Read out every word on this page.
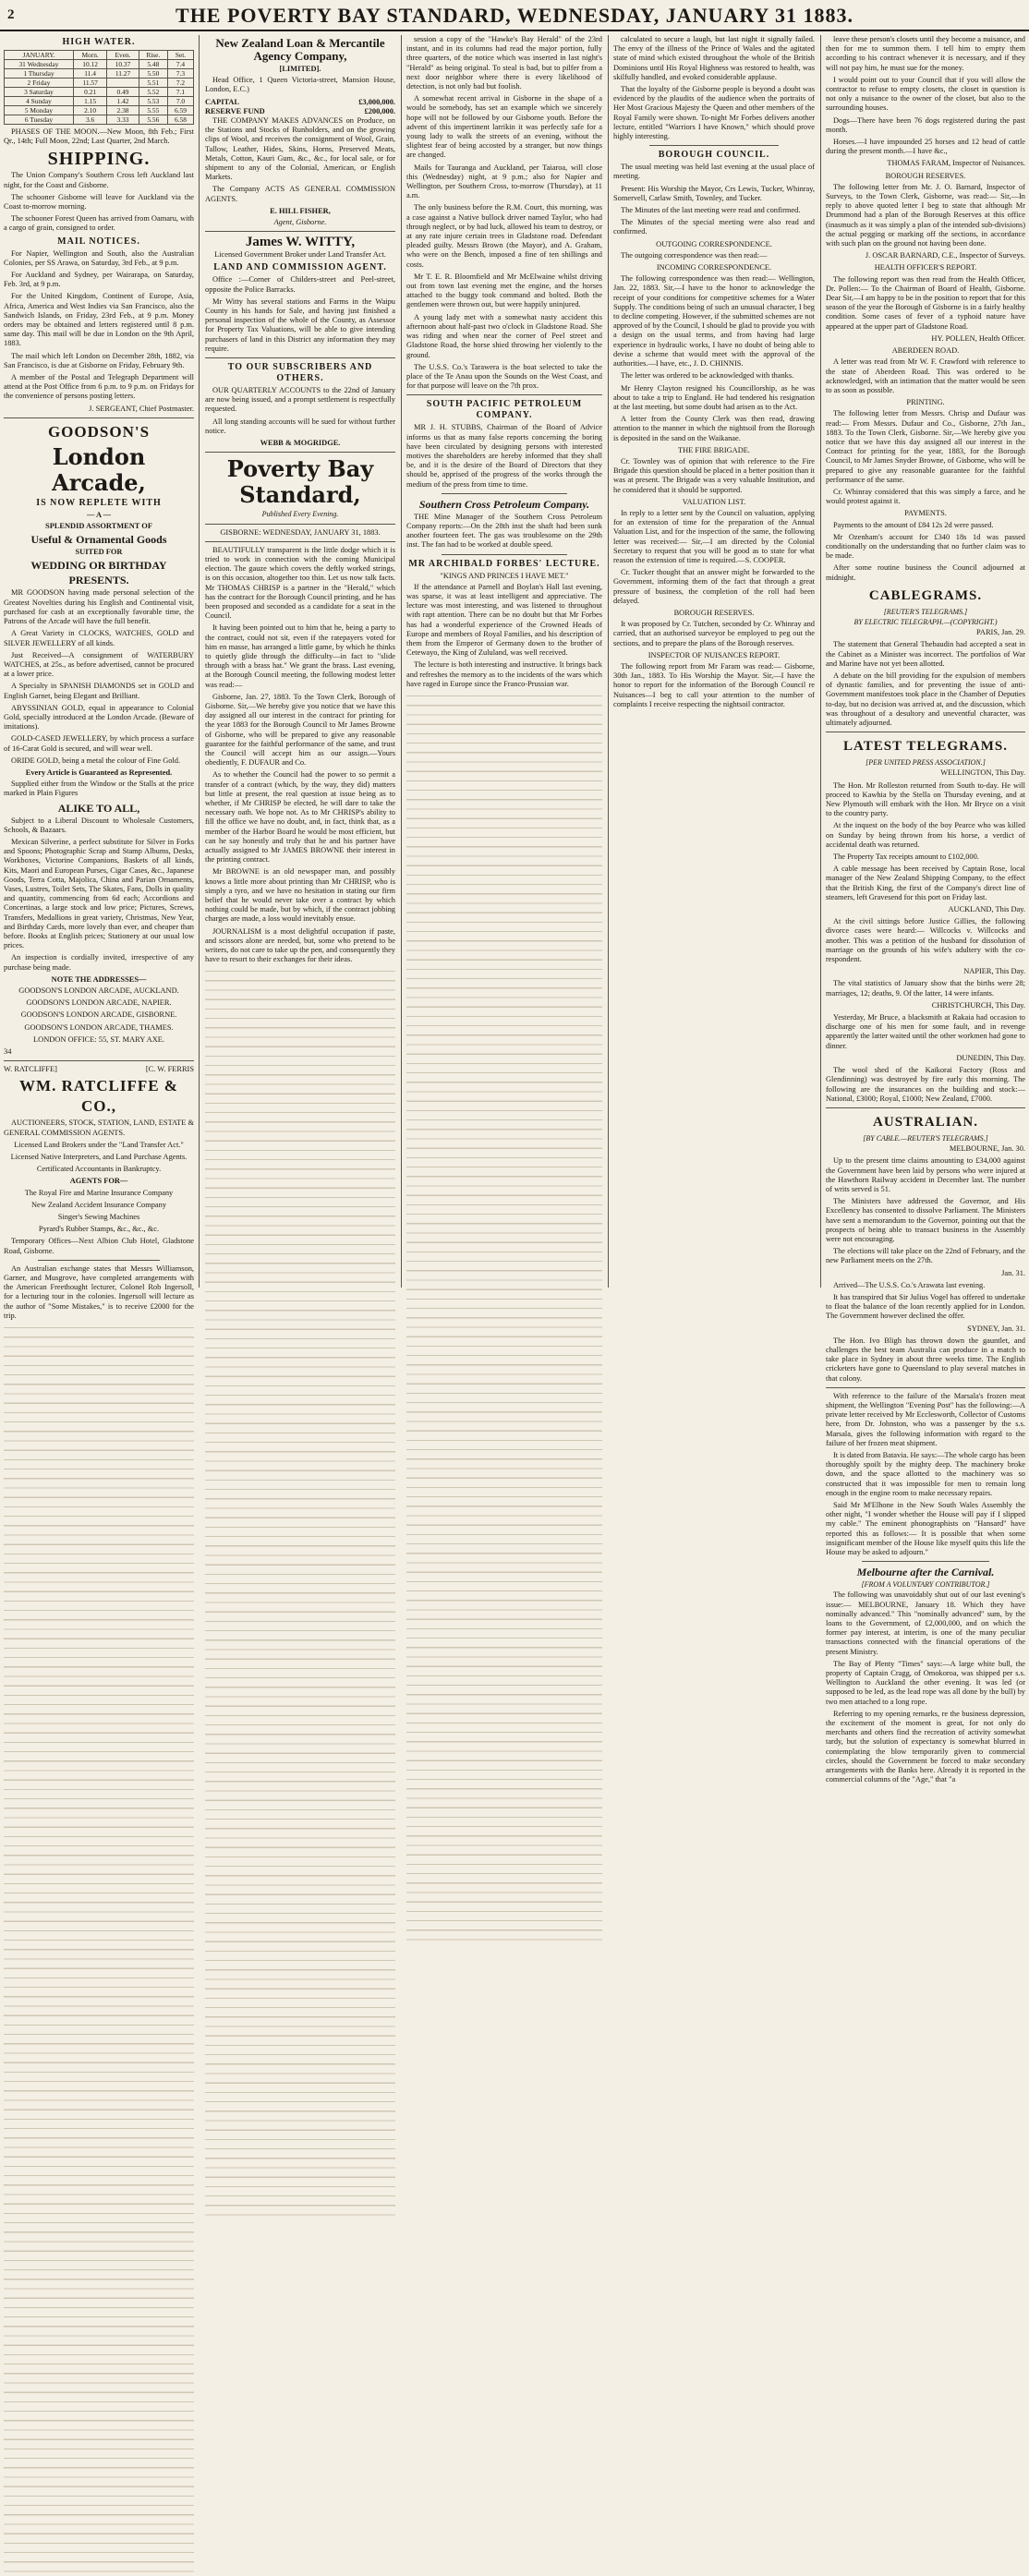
2	THE POVERTY BAY STANDARD, WEDNESDAY, JANUARY 31 1883.
HIGH WATER.
JANUARY.	Morn.	Even.	Rise.	Set.
31 Wednesday	10.12	10.37	5.48	7.4
1 Thursday	11.4	11.27	5.50	7.3
2 Friday	11.57		5.51	7.2
3 Saturday	0.21	0.49	5.52	7.1
4 Sunday	1.15	1.42	5.53	7.0
5 Monday	2.10	2.38	5.55	6.59
6 Tuesday	3.6	3.33	5.56	6.58

PHASES OF THE MOON.—New Moon, 8th Feb.; First Qr., 14th; Full Moon, 22nd; Last Quarter, 2nd March.

SHIPPING.

The Union Company's Southern Cross left Auckland last night, for the Coast and Gisborne.

The schooner Gisborne will leave for Auckland via the Coast to-morrow morning.

The schooner Forest Queen has arrived from Oamaru, with a cargo of grain, consigned to order.

MAIL NOTICES.

For Napier, Wellington and South, also the Australian Colonies, per SS Arawa, on Saturday, 3rd Feb., at 9 p.m.

For Auckland and Sydney, per Wairarapa, on Saturday, Feb. 3rd, at 9 p.m.

For the United Kingdom, Continent of Europe, Asia, Africa, America and West Indies via San Francisco, also the Sandwich Islands, on Friday, 23rd Feb., at 9 p.m. Money orders may be obtained and letters registered until 8 p.m. same day. This mail will be due in London on the 9th April, 1883.

The mail which left London on December 28th, 1882, via San Francisco, is due at Gisborne on Friday, February 9th.

A member of the Postal and Telegraph Department will attend at the Post Office from 6 p.m. to 9 p.m. on Fridays for the convenience of persons posting letters.

J. SERGEANT, Chief Postmaster.

GOODSON'S
London Arcade,
IS NOW REPLETE WITH
— A —
SPLENDID ASSORTMENT OF
Useful & Ornamental Goods
SUITED FOR
WEDDING OR BIRTHDAY
PRESENTS.

MR GOODSON having made personal selection of the Greatest Novelties during his English and Continental visit, purchased for cash at an exceptionally favorable time, the Patrons of the Arcade will have the full benefit.

A Great Variety in CLOCKS, WATCHES, GOLD and SILVER JEWELLERY of all kinds.

Just Received—A consignment of WATERBURY WATCHES, at 25s., as before advertised, cannot be procured at a lower price.

A Specialty in SPANISH DIAMONDS set in GOLD and English Garnet, being Elegant and Brilliant.

ABYSSINIAN GOLD, equal in appearance to Colonial Gold, specially introduced at the London Arcade. (Beware of imitations).

GOLD-CASED JEWELLERY, by which process a surface of 16-Carat Gold is secured, and will wear well.

ORIDE GOLD, being a metal the colour of Fine Gold.

Every Article is Guaranteed as Represented.

Supplied either from the Window or the Stalls at the price marked in Plain Figures

ALIKE TO ALL,

Subject to a Liberal Discount to Wholesale Customers, Schools, & Bazaars.

Mexican Silverine, a perfect substitute for Silver in Forks and Spoons; Photographic Scrap and Stamp Albums, Desks, Workboxes, Victorine Companions, Baskets of all kinds, Kits, Maori and European Purses, Cigar Cases, &c., Japanese Goods, Terra Cotta, Majolica, China and Parian Ornaments, Vases, Lustres, Toilet Sets, The Skates, Fans, Dolls in quality and quantity, commencing from 6d each; Accordions and Concertinas, a large stock and low price; Pictures, Screws, Transfers, Medallions in great variety, Christmas, New Year, and Birthday Cards, more lovely than ever, and cheaper than before. Books at English prices; Stationery at our usual low prices.

An inspection is cordially invited, irrespective of any purchase being made.

NOTE THE ADDRESSES—

GOODSON'S LONDON ARCADE, AUCKLAND.

GOODSON'S LONDON ARCADE, NAPIER.

GOODSON'S LONDON ARCADE, GISBORNE.

GOODSON'S LONDON ARCADE, THAMES.

LONDON OFFICE: 55, ST. MARY AXE.

34

W. RATCLIFFE]	[C. W. FERRIS
WM. RATCLIFFE & CO.,

AUCTIONEERS, STOCK, STATION, LAND, ESTATE & GENERAL COMMISSION AGENTS.

Licensed Land Brokers under the "Land Transfer Act."

Licensed Native Interpreters, and Land Purchase Agents.

Certificated Accountants in Bankruptcy.

AGENTS FOR—

The Royal Fire and Marine Insurance Company

New Zealand Accident Insurance Company

Singer's Sewing Machines

Pyrard's Rubber Stamps, &c., &c., &c.

Temporary Offices—Next Albion Club Hotel, Gladstone Road, Gisborne.

An Australian exchange states that Messrs Williamson, Garner, and Musgrove, have completed arrangements with the American Freethought lecturer, Colonel Rob Ingersoll, for a lecturing tour in the colonies. Ingersoll will lecture as the author of "Some Mistakes," is to receive £2000 for the trip.

New Zealand Loan & Mercantile Agency Company,
[LIMITED].

Head Office, 1 Queen Victoria-street, Mansion House, London, E.C.)

CAPITAL	£3,000,000.
RESERVE FUND	£200,000.

THE COMPANY MAKES ADVANCES on Produce, on the Stations and Stocks of Runholders, and on the growing clips of Wool, and receives the consignment of Wool, Grain, Tallow, Leather, Hides, Skins, Horns, Preserved Meats, Metals, Cotton, Kauri Gum, &c., &c., for local sale, or for shipment to any of the Colonial, American, or English Markets.

The Company ACTS AS GENERAL COMMISSION AGENTS.

E. HILL FISHER,
Agent, Gisborne.
James W. WITTY,

Licensed Government Broker under Land Transfer Act.

LAND AND COMMISSION AGENT.

Office :—Corner of Childers-street and Peel-street, opposite the Police Barracks.

Mr Witty has several stations and Farms in the Waipu County in his hands for Sale, and having just finished a personal inspection of the whole of the County, as Assessor for Property Tax Valuations, will be able to give intending purchasers of land in this District any information they may require.

TO OUR SUBSCRIBERS AND OTHERS.

OUR QUARTERLY ACCOUNTS to the 22nd of January are now being issued, and a prompt settlement is respectfully requested.

All long standing accounts will be sued for without further notice.

WEBB & MOGRIDGE.
Poverty Bay Standard,
Published Every Evening.

GISBORNE: WEDNESDAY, JANUARY 31, 1883.

BEAUTIFULLY transparent is the little dodge which it is tried to work in connection with the coming Municipal election. The gauze which covers the deftly worked strings, is on this occasion, altogether too thin. Let us now talk facts. Mr THOMAS CHRISP is a partner in the "Herald," which has the contract for the Borough Council printing, and he has been proposed and seconded as a candidate for a seat in the Council.

It having been pointed out to him that he, being a party to the contract, could not sit, even if the ratepayers voted for him en masse, has arranged a little game, by which he thinks to quietly glide through the difficulty—in fact to "slide through with a brass hat." We grant the brass. Last evening, at the Borough Council meeting, the following modest letter was read:—

Gisborne, Jan. 27, 1883. To the Town Clerk, Borough of Gisborne. Sir,—We hereby give you notice that we have this day assigned all our interest in the contract for printing for the year 1883 for the Borough Council to Mr James Browne of Gisborne, who will be prepared to give any reasonable guarantee for the faithful performance of the same, and trust the Council will accept him as our assign.—Yours obediently, F. DUFAUR and Co.

As to whether the Council had the power to so permit a transfer of a contract (which, by the way, they did) matters but little at present, the real question at issue being as to whether, if Mr CHRISP be elected, he will dare to take the necessary oath. We hope not. As to Mr CHRISP's ability to fill the office we have no doubt, and, in fact, think that, as a member of the Harbor Board he would be most efficient, but can he say honestly and truly that he and his partner have actually assigned to Mr JAMES BROWNE their interest in the printing contract.

Mr BROWNE is an old newspaper man, and possibly knows a little more about printing than Mr CHRISP, who is simply a tyro, and we have no hesitation in stating our firm belief that he would never take over a contract by which nothing could be made, but by which, if the contract jobbing charges are made, a loss would inevitably ensue.

JOURNALISM is a most delightful occupation if paste, and scissors alone are needed, but, some who pretend to be writers, do not care to take up the pen, and consequently they have to resort to their exchanges for their ideas.

session a copy of the "Hawke's Bay Herald" of the 23rd instant, and in its columns had read the major portion, fully three quarters, of the notice which was inserted in last night's "Herald" as being original. To steal is bad, but to pilfer from a next door neighbor where there is every likelihood of detection, is not only bad but foolish.

A somewhat recent arrival in Gisborne in the shape of a would be somebody, has set an example which we sincerely hope will not be followed by our Gisborne youth. Before the advent of this impertinent larrikin it was perfectly safe for a young lady to walk the streets of an evening, without the slightest fear of being accosted by a stranger, but now things are changed.

Mails for Tauranga and Auckland, per Taiaroa, will close this (Wednesday) night, at 9 p.m.; also for Napier and Wellington, per Southern Cross, to-morrow (Thursday), at 11 a.m.

The only business before the R.M. Court, this morning, was a case against a Native bullock driver named Taylor, who had through neglect, or by bad luck, allowed his team to destroy, or at any rate injure certain trees in Gladstone road. Defendant pleaded guilty. Messrs Brown (the Mayor), and A. Graham, who were on the Bench, imposed a fine of ten shillings and costs.

Mr T. E. R. Bloomfield and Mr McElwaine whilst driving out from town last evening met the engine, and the horses attached to the buggy took command and bolted. Both the gentlemen were thrown out, but were happily uninjured.

A young lady met with a somewhat nasty accident this afternoon about half-past two o'clock in Gladstone Road. She was riding and when near the corner of Peel street and Gladstone Road, the horse shied throwing her violently to the ground.

The U.S.S. Co.'s Tarawera is the boat selected to take the place of the Te Anau upon the Sounds on the West Coast, and for that purpose will leave on the 7th prox.

SOUTH PACIFIC PETROLEUM COMPANY.

MR J. H. STUBBS, Chairman of the Board of Advice informs us that as many false reports concerning the boring have been circulated by designing persons with interested motives the shareholders are hereby informed that they shall be, and it is the desire of the Board of Directors that they should be, apprised of the progress of the works through the medium of the press from time to time.

Southern Cross Petroleum Company.

THE Mine Manager of the Southern Cross Petroleum Company reports:—On the 28th inst the shaft had been sunk another fourteen feet. The gas was troublesome on the 29th inst. The fan had to be worked at double speed.

MR ARCHIBALD FORBES' LECTURE.
"KINGS AND PRINCES I HAVE MET."

If the attendance at Parnell and Boylan's Hall last evening, was sparse, it was at least intelligent and appreciative. The lecture was most interesting, and was listened to throughout with rapt attention. There can be no doubt but that Mr Forbes has had a wonderful experience of the Crowned Heads of Europe and members of Royal Families, and his description of them from the Emperor of Germany down to the brother of Cetewayo, the King of Zululand, was well received.

The lecture is both interesting and instructive. It brings back and refreshes the memory as to the incidents of the wars which have raged in Europe since the Franco-Prussian war.

calculated to secure a laugh, but last night it signally failed. The envy of the illness of the Prince of Wales and the agitated state of mind which existed throughout the whole of the British Dominions until His Royal Highness was restored to health, was skilfully handled, and evoked considerable applause.

That the loyalty of the Gisborne people is beyond a doubt was evidenced by the plaudits of the audience when the portraits of Her Most Gracious Majesty the Queen and other members of the Royal Family were shown. To-night Mr Forbes delivers another lecture, entitled "Warriors I have Known," which should prove highly interesting.

BOROUGH COUNCIL.

The usual meeting was held last evening at the usual place of meeting.

Present: His Worship the Mayor, Crs Lewis, Tucker, Whinray, Somervell, Carlaw Smith, Townley, and Tucker.

The Minutes of the last meeting were read and confirmed.

The Minutes of the special meeting were also read and confirmed.

OUTGOING CORRESPONDENCE.

The outgoing correspondence was then read:—

INCOMING CORRESPONDENCE.

The following correspondence was then read:— Wellington, Jan. 22, 1883. Sir,—I have to the honor to acknowledge the receipt of your conditions for competitive schemes for a Water Supply. The conditions being of such an unusual character, I beg to decline competing. However, if the submitted schemes are not approved of by the Council, I should be glad to provide you with a design on the usual terms, and from having had large experience in hydraulic works, I have no doubt of being able to devise a scheme that would meet with the approval of the authorities.—I have, etc., J. D. CHINNIS.

The letter was ordered to be acknowledged with thanks.

Mr Henry Clayton resigned his Councillorship, as he was about to take a trip to England. He had tendered his resignation at the last meeting, but some doubt had arisen as to the Act.

A letter from the County Clerk was then read, drawing attention to the manner in which the nightsoil from the Borough is deposited in the sand on the Waikanae.

THE FIRE BRIGADE.

Cr. Townley was of opinion that with reference to the Fire Brigade this question should be placed in a better position than it was at present. The Brigade was a very valuable Institution, and he considered that it should be supported.

VALUATION LIST.

In reply to a letter sent by the Council on valuation, applying for an extension of time for the preparation of the Annual Valuation List, and for the inspection of the same, the following letter was received:— Sir,—I am directed by the Colonial Secretary to request that you will be good as to state for what reason the extension of time is required.—S. COOPER.

Cr. Tucker thought that an answer might be forwarded to the Government, informing them of the fact that through a great pressure of business, the completion of the roll had been delayed.

BOROUGH RESERVES.

It was proposed by Cr. Tutchen, seconded by Cr. Whinray and carried, that an authorised surveyor be employed to peg out the sections, and to prepare the plans of the Borough reserves.

INSPECTOR OF NUISANCES REPORT.

The following report from Mr Faram was read:— Gisborne, 30th Jan., 1883. To His Worship the Mayor. Sir,—I have the honor to report for the information of the Borough Council re Nuisances—I beg to call your attention to the number of complaints I receive respecting the nightsoil contractor.

leave these person's closets until they become a nuisance, and then for me to summon them. I tell him to empty them according to his contract whenever it is necessary, and if they will not pay him, he must sue for the money.

I would point out to your Council that if you will allow the contractor to refuse to empty closets, the closet in question is not only a nuisance to the owner of the closet, but also to the surrounding houses.

Dogs—There have been 76 dogs registered during the past month.

Horses.—I have impounded 25 horses and 12 head of cattle during the present month.—I have &c.,

THOMAS FARAM, Inspector of Nuisances.

BOROUGH RESERVES.

The following letter from Mr. J. O. Barnard, Inspector of Surveys, to the Town Clerk, Gisborne, was read:— Sir,—In reply to above quoted letter I beg to state that although Mr Drummond had a plan of the Borough Reserves at this office (inasmuch as it was simply a plan of the intended sub-divisions) the actual pegging or marking off the sections, in accordance with such plan on the ground not having been done.

J. OSCAR BARNARD, C.E., Inspector of Surveys.

HEALTH OFFICER'S REPORT.

The following report was then read from the Health Officer, Dr. Pollen:— To the Chairman of Board of Health, Gisborne. Dear Sir,—I am happy to be in the position to report that for this season of the year the Borough of Gisborne is in a fairly healthy condition. Some cases of fever of a typhoid nature have appeared at the upper part of Gladstone Road.

HY. POLLEN, Health Officer.

ABERDEEN ROAD.

A letter was read from Mr W. F. Crawford with reference to the state of Aberdeen Road. This was ordered to be acknowledged, with an intimation that the matter would be seen to as soon as possible.

PRINTING.

The following letter from Messrs. Chrisp and Dufaur was read:— From Messrs. Dufaur and Co., Gisborne, 27th Jan., 1883. To the Town Clerk, Gisborne. Sir,—We hereby give you notice that we have this day assigned all our interest in the Contract for printing for the year, 1883, for the Borough Council, to Mr James Snyder Browne, of Gisborne, who will be prepared to give any reasonable guarantee for the faithful performance of the same.

Cr. Whinray considered that this was simply a farce, and he would protest against it.

PAYMENTS.

Payments to the amount of £84 12s 2d were passed.

Mr Ozenham's account for £340 18s 1d was passed conditionally on the understanding that no further claim was to be made.

After some routine business the Council adjourned at midnight.

CABLEGRAMS.
[REUTER'S TELEGRAMS.]
BY ELECTRIC TELEGRAPH.—(COPYRIGHT.)

PARIS, Jan. 29.

The statement that General Thebaudin had accepted a seat in the Cabinet as a Minister was incorrect. The portfolios of War and Marine have not yet been allotted.

A debate on the bill providing for the expulsion of members of dynastic families, and for preventing the issue of anti-Government manifestoes took place in the Chamber of Deputies to-day, but no decision was arrived at, and the discussion, which was throughout of a desultory and uneventful character, was ultimately adjourned.

LATEST TELEGRAMS.
[PER UNITED PRESS ASSOCIATION.]

WELLINGTON, This Day.

The Hon. Mr Rolleston returned from South to-day. He will proceed to Kawhia by the Stella on Thursday evening, and at New Plymouth will embark with the Hon. Mr Bryce on a visit to the country party.

At the inquest on the body of the boy Pearce who was killed on Sunday by being thrown from his horse, a verdict of accidental death was returned.

The Property Tax receipts amount to £102,000.

A cable message has been received by Captain Rose, local manager of the New Zealand Shipping Company, to the effect that the British King, the first of the Company's direct line of steamers, left Gravesend for this port on Friday last.

AUCKLAND, This Day.

At the civil sittings before Justice Gillies, the following divorce cases were heard:— Willcocks v. Willcocks and another. This was a petition of the husband for dissolution of marriage on the grounds of his wife's adultery with the co-respondent.

NAPIER, This Day.

The vital statistics of January show that the births were 28; marriages, 12; deaths, 9. Of the latter, 14 were infants.

CHRISTCHURCH, This Day.

Yesterday, Mr Bruce, a blacksmith at Rakaia had occasion to discharge one of his men for some fault, and in revenge apparently the latter waited until the other workmen had gone to dinner.

DUNEDIN, This Day.

The wool shed of the Kaikorai Factory (Ross and Glendinning) was destroyed by fire early this morning. The following are the insurances on the building and stock:— National, £3000; Royal, £1000; New Zealand, £7000.

AUSTRALIAN.
[BY CABLE.—REUTER'S TELEGRAMS.]

MELBOURNE, Jan. 30.

Up to the present time claims amounting to £34,000 against the Government have been laid by persons who were injured at the Hawthorn Railway accident in December last. The number of writs served is 51.

The Ministers have addressed the Governor, and His Excellency has consented to dissolve Parliament. The Ministers have sent a memorandum to the Governor, pointing out that the prospects of being able to transact business in the Assembly were not encouraging.

The elections will take place on the 22nd of February, and the new Parliament meets on the 27th.

Jan. 31.

Arrived—The U.S.S. Co.'s Arawata last evening.

It has transpired that Sir Julius Vogel has offered to undertake to float the balance of the loan recently applied for in London. The Government however declined the offer.

SYDNEY, Jan. 31.

The Hon. Ivo Bligh has thrown down the gauntlet, and challenges the best team Australia can produce in a match to take place in Sydney in about three weeks time. The English cricketers have gone to Queensland to play several matches in that colony.

With reference to the failure of the Marsala's frozen meat shipment, the Wellington "Evening Post" has the following:—A private letter received by Mr Ecclesworth, Collector of Customs here, from Dr. Johnston, who was a passenger by the s.s. Marsala, gives the following information with regard to the failure of her frozen meat shipment.

It is dated from Batavia. He says:—The whole cargo has been thoroughly spoilt by the mighty deep. The machinery broke down, and the space allotted to the machinery was so constructed that it was impossible for men to remain long enough in the engine room to make necessary repairs.

Said Mr M'Elhone in the New South Wales Assembly the other night, "I wonder whether the House will pay if I slipped my cable." The eminent phonographists on "Hansard" have reported this as follows:— It is possible that when some insignificant member of the House like myself quits this life the House may be asked to adjourn."

Melbourne after the Carnival.
[FROM A VOLUNTARY CONTRIBUTOR.]

The following was unavoidably shut out of our last evening's issue:— MELBOURNE, January 18. Which they have nominally advanced." This "nominally advanced" sum, by the loans to the Government, of £2,000,000, and on which the former pay interest, at interim, is one of the many peculiar transactions connected with the financial operations of the present Ministry.

The Bay of Plenty "Times" says:—A large white bull, the property of Captain Cragg, of Omokoroa, was shipped per s.s. Wellington to Auckland the other evening. It was led (or supposed to be led, as the lead rope was all done by the bull) by two men attached to a long rope.

Referring to my opening remarks, re the business depression, the excitement of the moment is great, for not only do merchants and others find the recreation of activity somewhat tardy, but the solution of expectancy is somewhat blurred in contemplating the blow temporarily given to commercial circles, should the Government be forced to make secondary arrangements with the Banks here. Already it is reported in the commercial columns of the "Age," that "a
